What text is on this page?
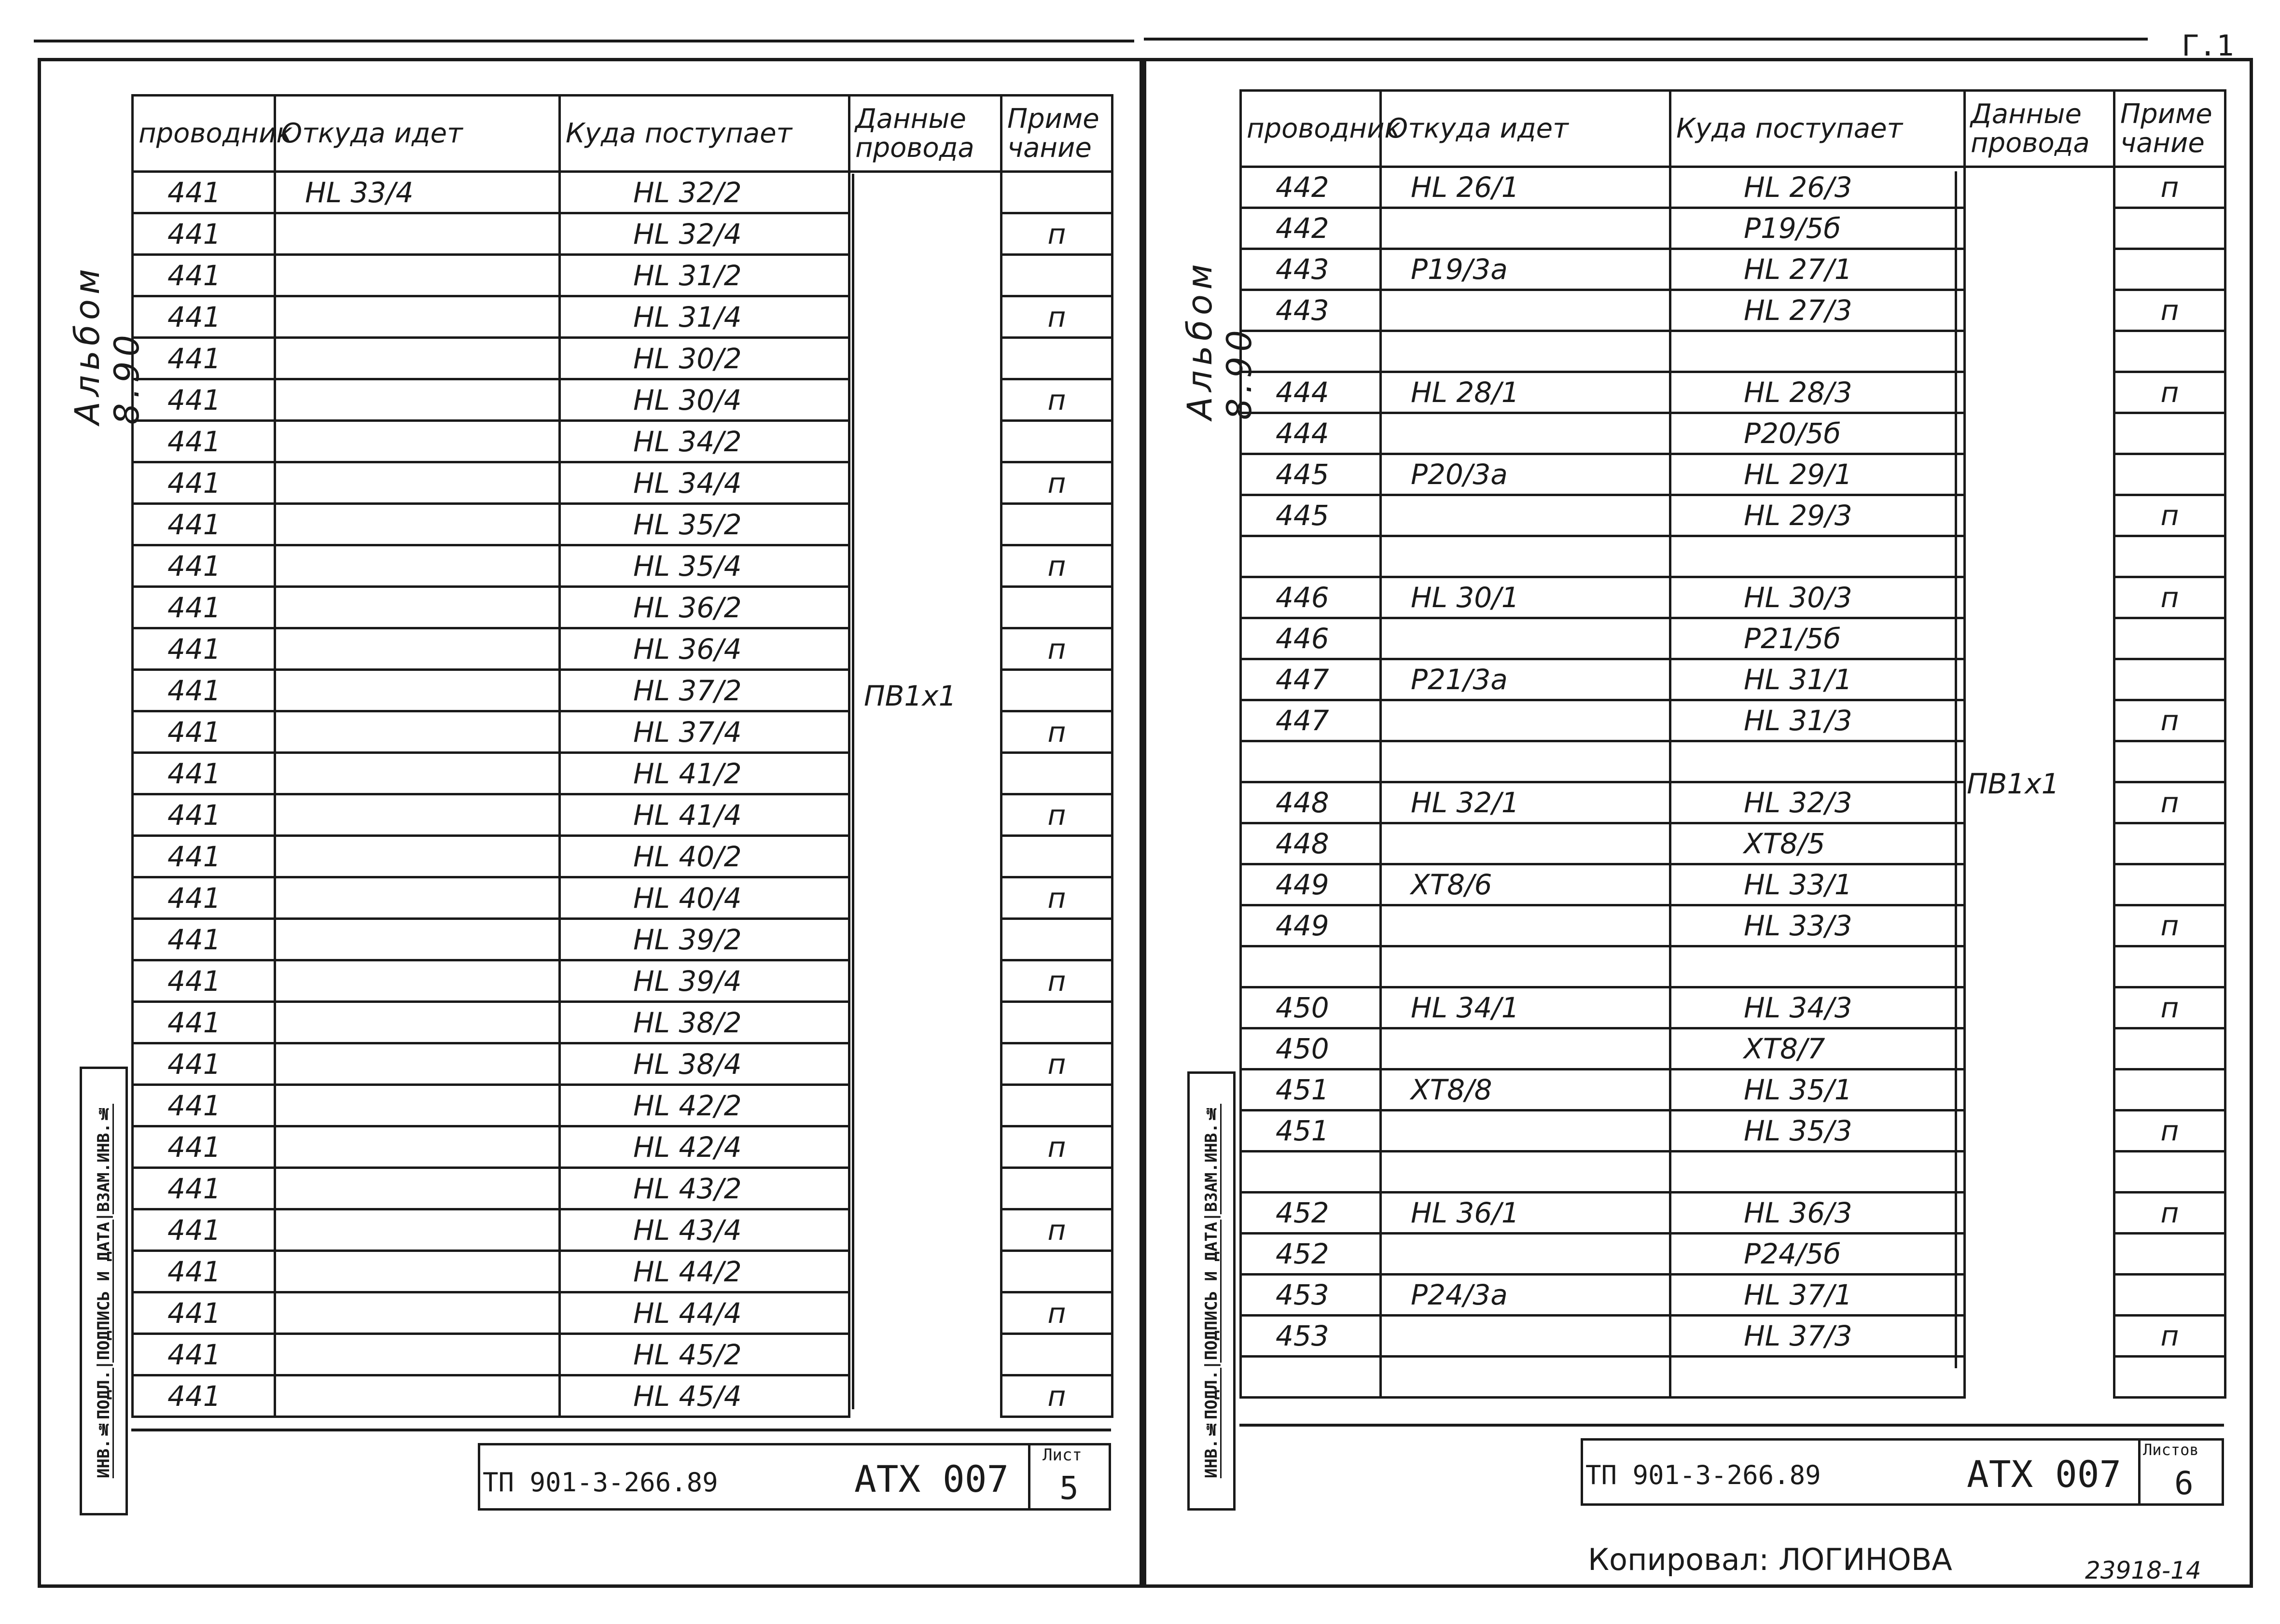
Г.1
Альбом 8.90
ИНВ.№ПОДЛ.|ПОДПИСЬ И ДАТА|ВЗАМ.ИНВ.№
проводник	Откуда идет	Куда поступает	Данные провода	Приме чание
441	HL 33/4	HL 32/2		
441		HL 32/4		п
441		HL 31/2		
441		HL 31/4		п
441		HL 30/2		
441		HL 30/4		п
441		HL 34/2		
441		HL 34/4		п
441		HL 35/2		
441		HL 35/4		п
441		HL 36/2		
441		HL 36/4		п
441		HL 37/2		
441		HL 37/4		п
441		HL 41/2		
441		HL 41/4		п
441		HL 40/2		
441		HL 40/4		п
441		HL 39/2		
441		HL 39/4		п
441		HL 38/2		
441		HL 38/4		п
441		HL 42/2		
441		HL 42/4		п
441		HL 43/2		
441		HL 43/4		п
441		HL 44/2		
441		HL 44/4		п
441		HL 45/2		
441		HL 45/4		п
ПВ1х1
ТП 901-3-266.89	АТХ 007
Лист
5
Альбом 8.90
ИНВ.№ПОДЛ.|ПОДПИСЬ И ДАТА|ВЗАМ.ИНВ.№
проводник	Откуда идет	Куда поступает	Данные провода	Приме чание
442	HL 26/1	HL 26/3		п
442		Р19/5б		
443	Р19/3а	HL 27/1		
443		HL 27/3		п

444	HL 28/1	HL 28/3		п
444		Р20/5б		
445	Р20/3а	HL 29/1		
445		HL 29/3		п

446	HL 30/1	HL 30/3		п
446		Р21/5б		
447	Р21/3а	HL 31/1		
447		HL 31/3		п

448	HL 32/1	HL 32/3		п
448		ХТ8/5		
449	ХТ8/6	HL 33/1		
449		HL 33/3		п

450	HL 34/1	HL 34/3		п
450		ХТ8/7		
451	ХТ8/8	HL 35/1		
451		HL 35/3		п

452	HL 36/1	HL 36/3		п
452		Р24/5б		
453	Р24/3а	HL 37/1		
453		HL 37/3		п

ПВ1х1
ТП 901-3-266.89	АТХ 007
Листов
6
Копировал: ЛОГИНОВА	23918-14
